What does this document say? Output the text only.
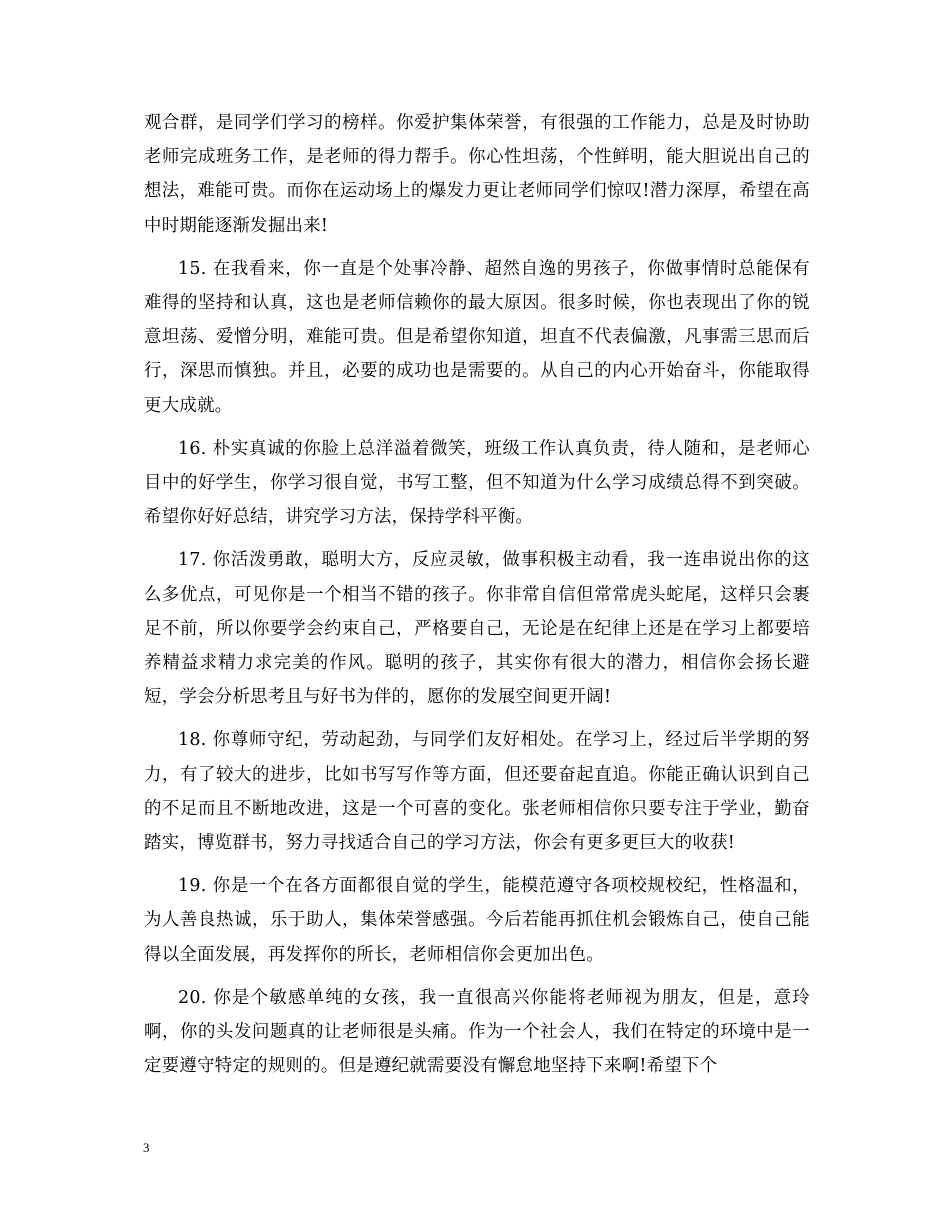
观合群，是同学们学习的榜样。你爱护集体荣誉，有很强的工作能力，总是及时协助老师完成班务工作，是老师的得力帮手。你心性坦荡，个性鲜明，能大胆说出自己的想法，难能可贵。而你在运动场上的爆发力更让老师同学们惊叹!潜力深厚，希望在高中时期能逐渐发掘出来!

15. 在我看来，你一直是个处事冷静、超然自逸的男孩子，你做事情时总能保有难得的坚持和认真，这也是老师信赖你的最大原因。很多时候，你也表现出了你的锐意坦荡、爱憎分明，难能可贵。但是希望你知道，坦直不代表偏激，凡事需三思而后行，深思而慎独。并且，必要的成功也是需要的。从自己的内心开始奋斗，你能取得更大成就。

16. 朴实真诚的你脸上总洋溢着微笑，班级工作认真负责，待人随和，是老师心目中的好学生，你学习很自觉，书写工整，但不知道为什么学习成绩总得不到突破。希望你好好总结，讲究学习方法，保持学科平衡。

17. 你活泼勇敢，聪明大方，反应灵敏，做事积极主动看，我一连串说出你的这么多优点，可见你是一个相当不错的孩子。你非常自信但常常虎头蛇尾，这样只会裹足不前，所以你要学会约束自己，严格要自己，无论是在纪律上还是在学习上都要培养精益求精力求完美的作风。聪明的孩子，其实你有很大的潜力，相信你会扬长避短，学会分析思考且与好书为伴的，愿你的发展空间更开阔!

18. 你尊师守纪，劳动起劲，与同学们友好相处。在学习上，经过后半学期的努力，有了较大的进步，比如书写写作等方面，但还要奋起直追。你能正确认识到自己的不足而且不断地改进，这是一个可喜的变化。张老师相信你只要专注于学业，勤奋踏实，博览群书，努力寻找适合自己的学习方法，你会有更多更巨大的收获!

19. 你是一个在各方面都很自觉的学生，能模范遵守各项校规校纪，性格温和，为人善良热诚，乐于助人，集体荣誉感强。今后若能再抓住机会锻炼自己，使自己能得以全面发展，再发挥你的所长，老师相信你会更加出色。

20. 你是个敏感单纯的女孩，我一直很高兴你能将老师视为朋友，但是，意玲啊，你的头发问题真的让老师很是头痛。作为一个社会人，我们在特定的环境中是一定要遵守特定的规则的。但是遵纪就需要没有懈怠地坚持下来啊!希望下个

3
